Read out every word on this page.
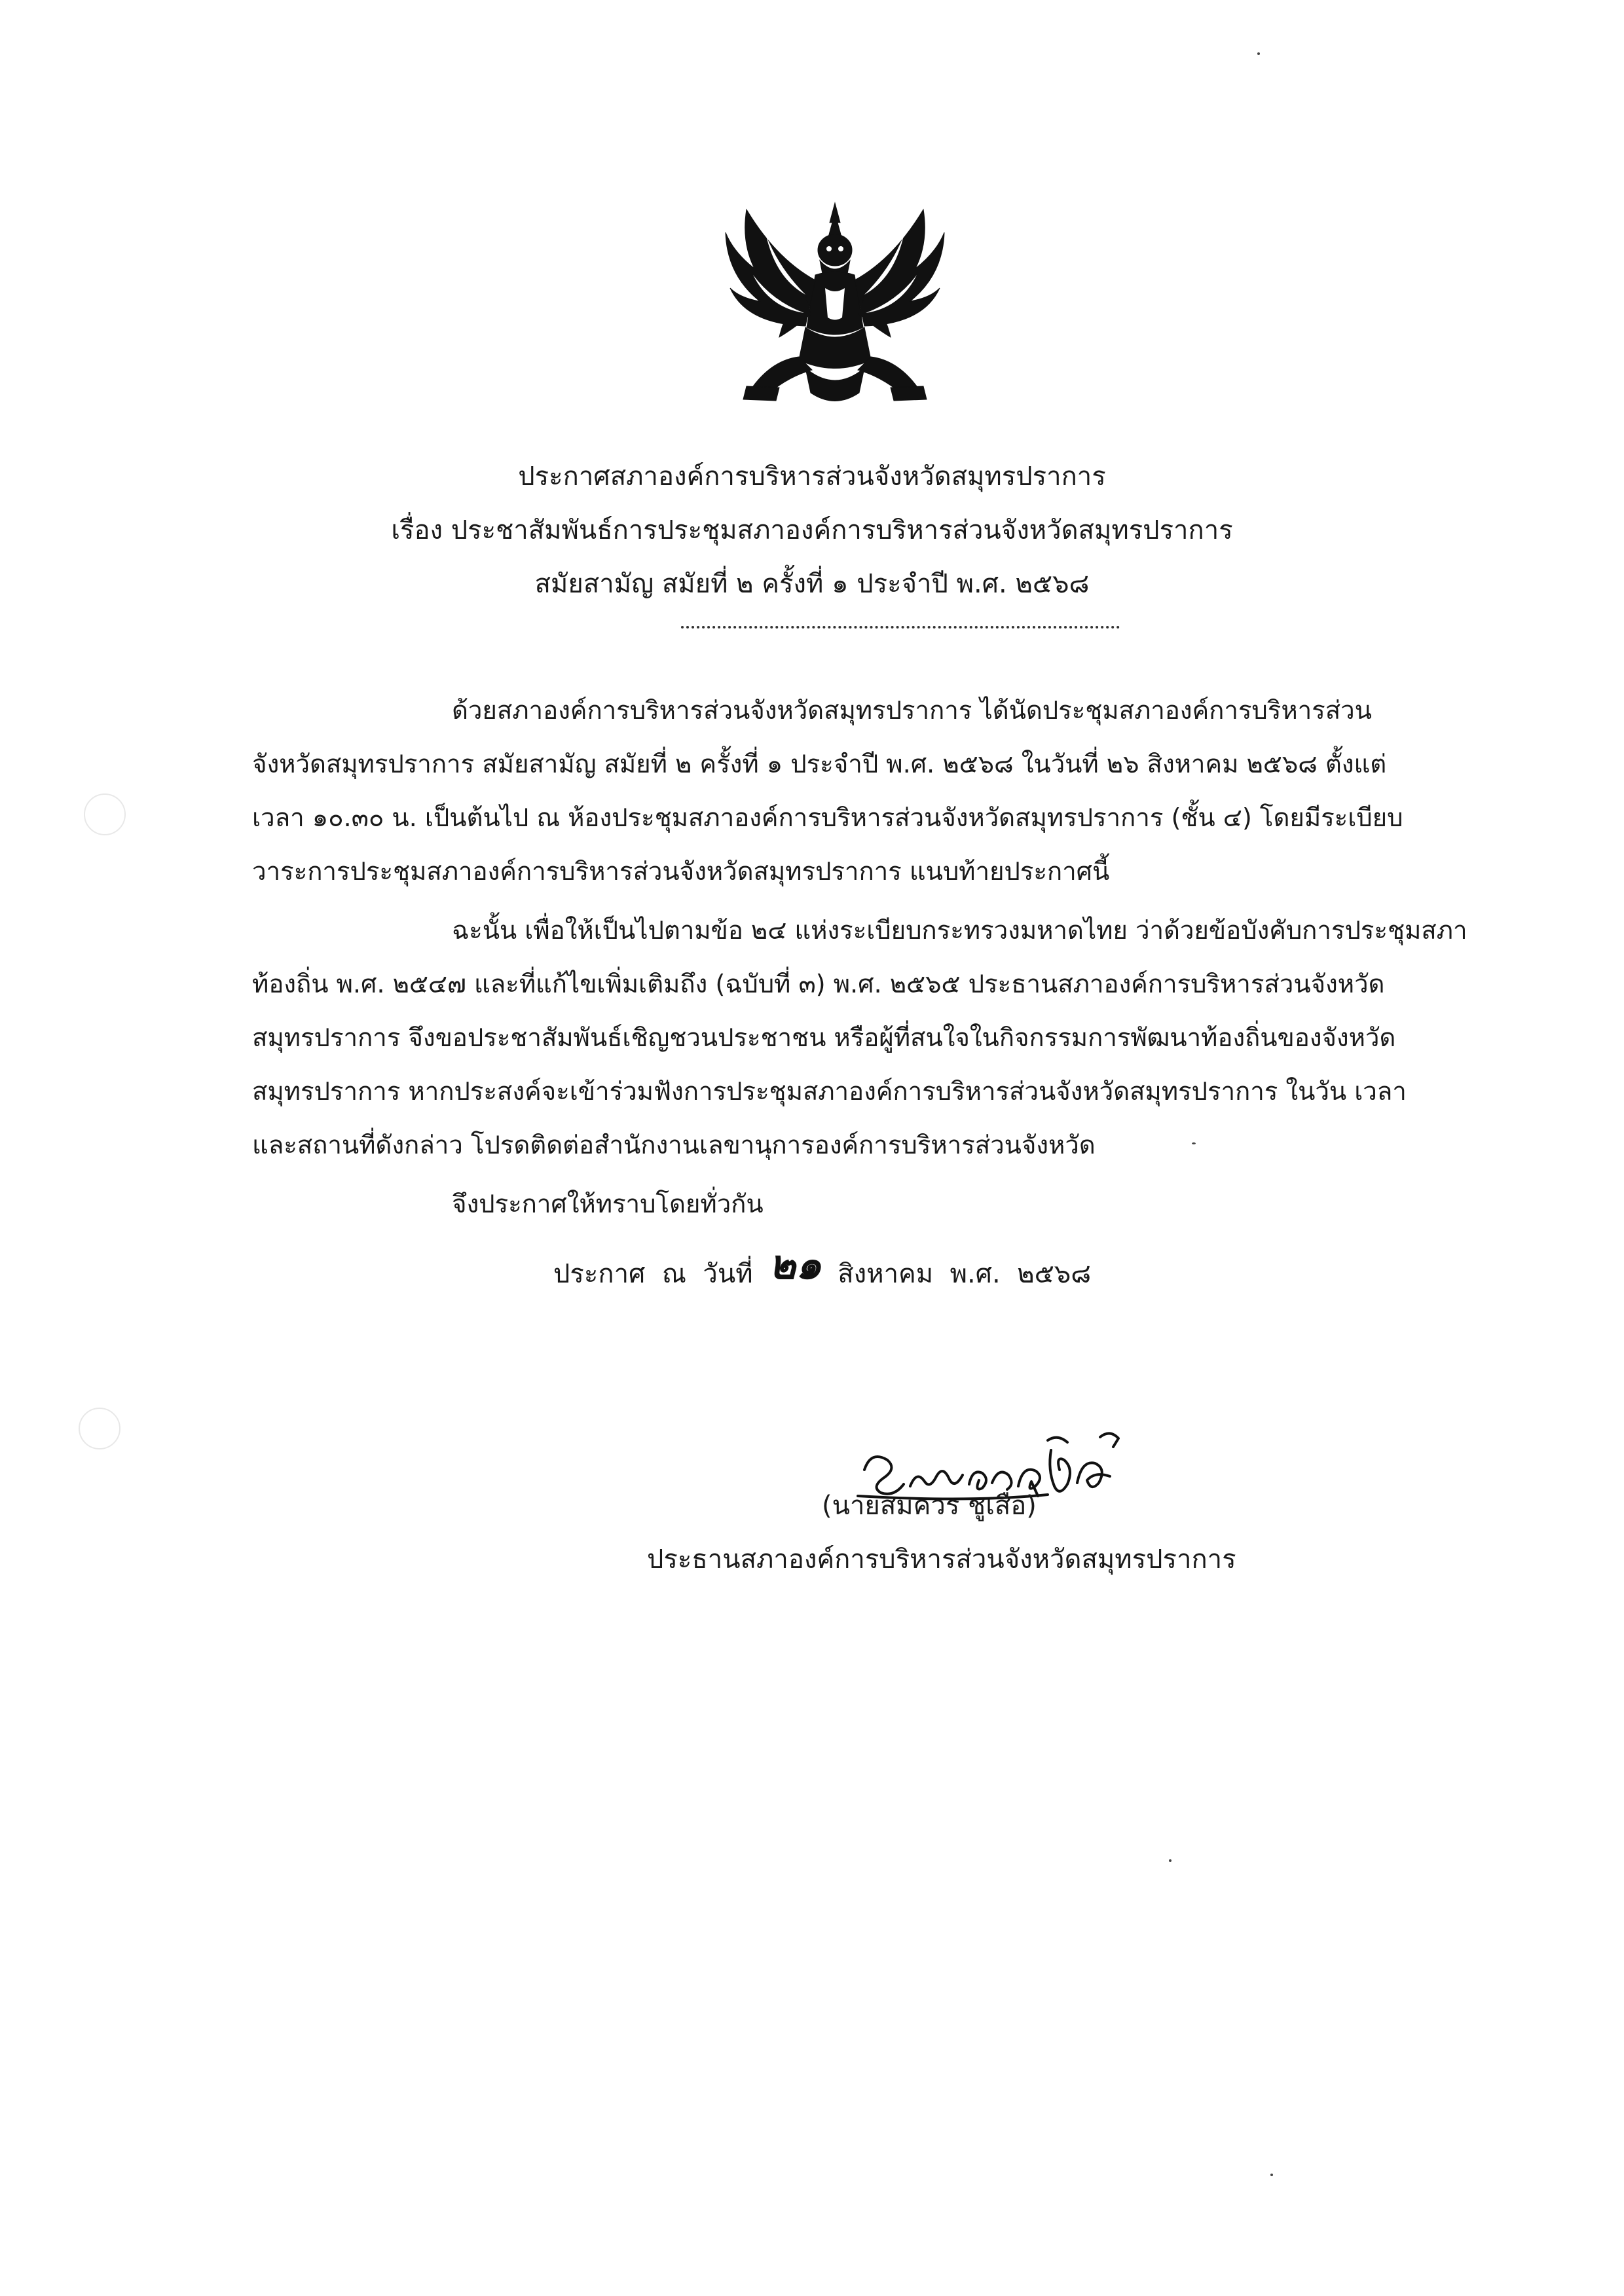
ประกาศสภาองค์การบริหารส่วนจังหวัดสมุทรปราการ
เรื่อง ประชาสัมพันธ์การประชุมสภาองค์การบริหารส่วนจังหวัดสมุทรปราการ
สมัยสามัญ สมัยที่ ๒ ครั้งที่ ๑ ประจำปี พ.ศ. ๒๕๖๘
ด้วยสภาองค์การบริหารส่วนจังหวัดสมุทรปราการ ได้นัดประชุมสภาองค์การบริหารส่วน
จังหวัดสมุทรปราการ สมัยสามัญ สมัยที่ ๒ ครั้งที่ ๑ ประจำปี พ.ศ. ๒๕๖๘ ในวันที่ ๒๖ สิงหาคม ๒๕๖๘ ตั้งแต่
เวลา ๑๐.๓๐ น. เป็นต้นไป ณ ห้องประชุมสภาองค์การบริหารส่วนจังหวัดสมุทรปราการ (ชั้น ๔) โดยมีระเบียบ
วาระการประชุมสภาองค์การบริหารส่วนจังหวัดสมุทรปราการ แนบท้ายประกาศนี้
ฉะนั้น เพื่อให้เป็นไปตามข้อ ๒๔ แห่งระเบียบกระทรวงมหาดไทย ว่าด้วยข้อบังคับการประชุมสภา
ท้องถิ่น พ.ศ. ๒๕๔๗ และที่แก้ไขเพิ่มเติมถึง (ฉบับที่ ๓) พ.ศ. ๒๕๖๕ ประธานสภาองค์การบริหารส่วนจังหวัด
สมุทรปราการ จึงขอประชาสัมพันธ์เชิญชวนประชาชน หรือผู้ที่สนใจในกิจกรรมการพัฒนาท้องถิ่นของจังหวัด
สมุทรปราการ หากประสงค์จะเข้าร่วมฟังการประชุมสภาองค์การบริหารส่วนจังหวัดสมุทรปราการ ในวัน เวลา
และสถานที่ดังกล่าว โปรดติดต่อสำนักงานเลขานุการองค์การบริหารส่วนจังหวัด
จึงประกาศให้ทราบโดยทั่วกัน
ประกาศ  ณ  วันที่ ๒๑ สิงหาคม  พ.ศ.  ๒๕๖๘
(นายสมควร ชูเสือ)
ประธานสภาองค์การบริหารส่วนจังหวัดสมุทรปราการ
